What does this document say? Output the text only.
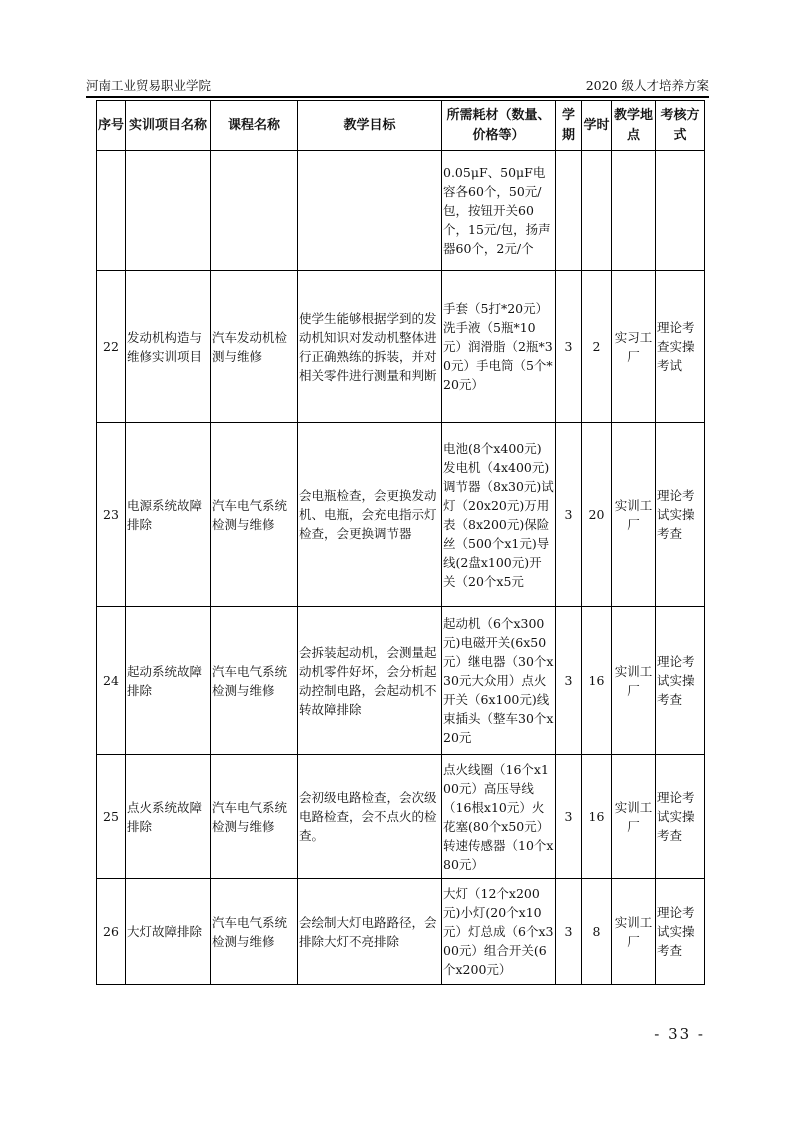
河南工业贸易职业学院	2020 级人才培养方案
序号	实训项目名称	课程名称	教学目标	所需耗材（数量、价格等）	学期	学时	教学地点	考核方式
				0.05μF、50μF电容各60个，50元/包，按钮开关60个，15元/包，扬声器60个，2元/个				
22	发动机构造与维修实训项目	汽车发动机检测与维修	使学生能够根据学到的发动机知识对发动机整体进行正确熟练的拆装，并对相关零件进行测量和判断	手套（5打*20元）洗手液（5瓶*10元）润滑脂（2瓶*30元）手电筒（5个*20元）	3	2	实习工厂	理论考查实操考试
23	电源系统故障排除	汽车电气系统检测与维修	会电瓶检查，会更换发动机、电瓶，会充电指示灯检查，会更换调节器	电池(8个x400元)发电机（4x400元)调节器（8x30元)试灯（20x20元)万用表（8x200元)保险丝（500个x1元)导线(2盘x100元)开关（20个x5元	3	20	实训工厂	理论考试实操考查
24	起动系统故障排除	汽车电气系统检测与维修	会拆装起动机，会测量起动机零件好坏，会分析起动控制电路，会起动机不转故障排除	起动机（6个x300元)电磁开关(6x50元）继电器（30个x30元大众用）点火开关（6x100元)线束插头（整车30个x20元	3	16	实训工厂	理论考试实操考查
25	点火系统故障排除	汽车电气系统检测与维修	会初级电路检查，会次级电路检查，会不点火的检查。	点火线圈（16个x100元）高压导线（16根x10元）火花塞(80个x50元）转速传感器（10个x80元）	3	16	实训工厂	理论考试实操考查
26	大灯故障排除	汽车电气系统检测与维修	会绘制大灯电路路径，会排除大灯不亮排除	大灯（12个x200元)小灯(20个x10元）灯总成（6个x300元）组合开关(6个x200元）	3	8	实训工厂	理论考试实操考查
- 33 -
